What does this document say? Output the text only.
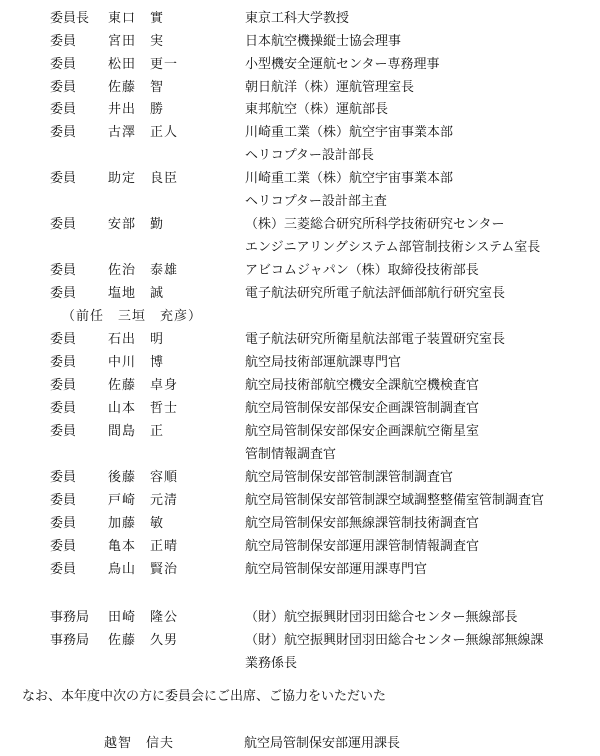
委員長 東口　實	東京工科大学教授
委員 宮田　実	日本航空機操縦士協会理事
委員 松田　更一	小型機安全運航センター専務理事
委員 佐藤　智	朝日航洋（株）運航管理室長
委員 井出　勝	東邦航空（株）運航部長
委員 古澤　正人	川崎重工業（株）航空宇宙事業本部
ヘリコプター設計部長
委員 助定　良臣	川崎重工業（株）航空宇宙事業本部
ヘリコプター設計部主査
委員 安部　勤	（株）三菱総合研究所科学技術研究センター
エンジニアリングシステム部管制技術システム室長
委員 佐治　泰雄	アビコムジャパン（株）取締役技術部長
委員 塩地　誠	電子航法研究所電子航法評価部航行研究室長
（前任　三垣　充彦）
委員 石出　明	電子航法研究所衛星航法部電子装置研究室長
委員 中川　博	航空局技術部運航課専門官
委員 佐藤　卓身	航空局技術部航空機安全課航空機検査官
委員 山本　哲士	航空局管制保安部保安企画課管制調査官
委員 間島　正	航空局管制保安部保安企画課航空衛星室
管制情報調査官
委員 後藤　容順	航空局管制保安部管制課管制調査官
委員 戸崎　元清	航空局管制保安部管制課空域調整整備室管制調査官
委員 加藤　敏	航空局管制保安部無線課管制技術調査官
委員 亀本　正晴	航空局管制保安部運用課管制情報調査官
委員 鳥山　賢治	航空局管制保安部運用課専門官
事務局 田崎　隆公	（財）航空振興財団羽田総合センター無線部長
事務局 佐藤　久男	（財）航空振興財団羽田総合センター無線部無線課
業務係長
なお、本年度中次の方に委員会にご出席、ご協力をいただいた
越智　信夫	航空局管制保安部運用課長
